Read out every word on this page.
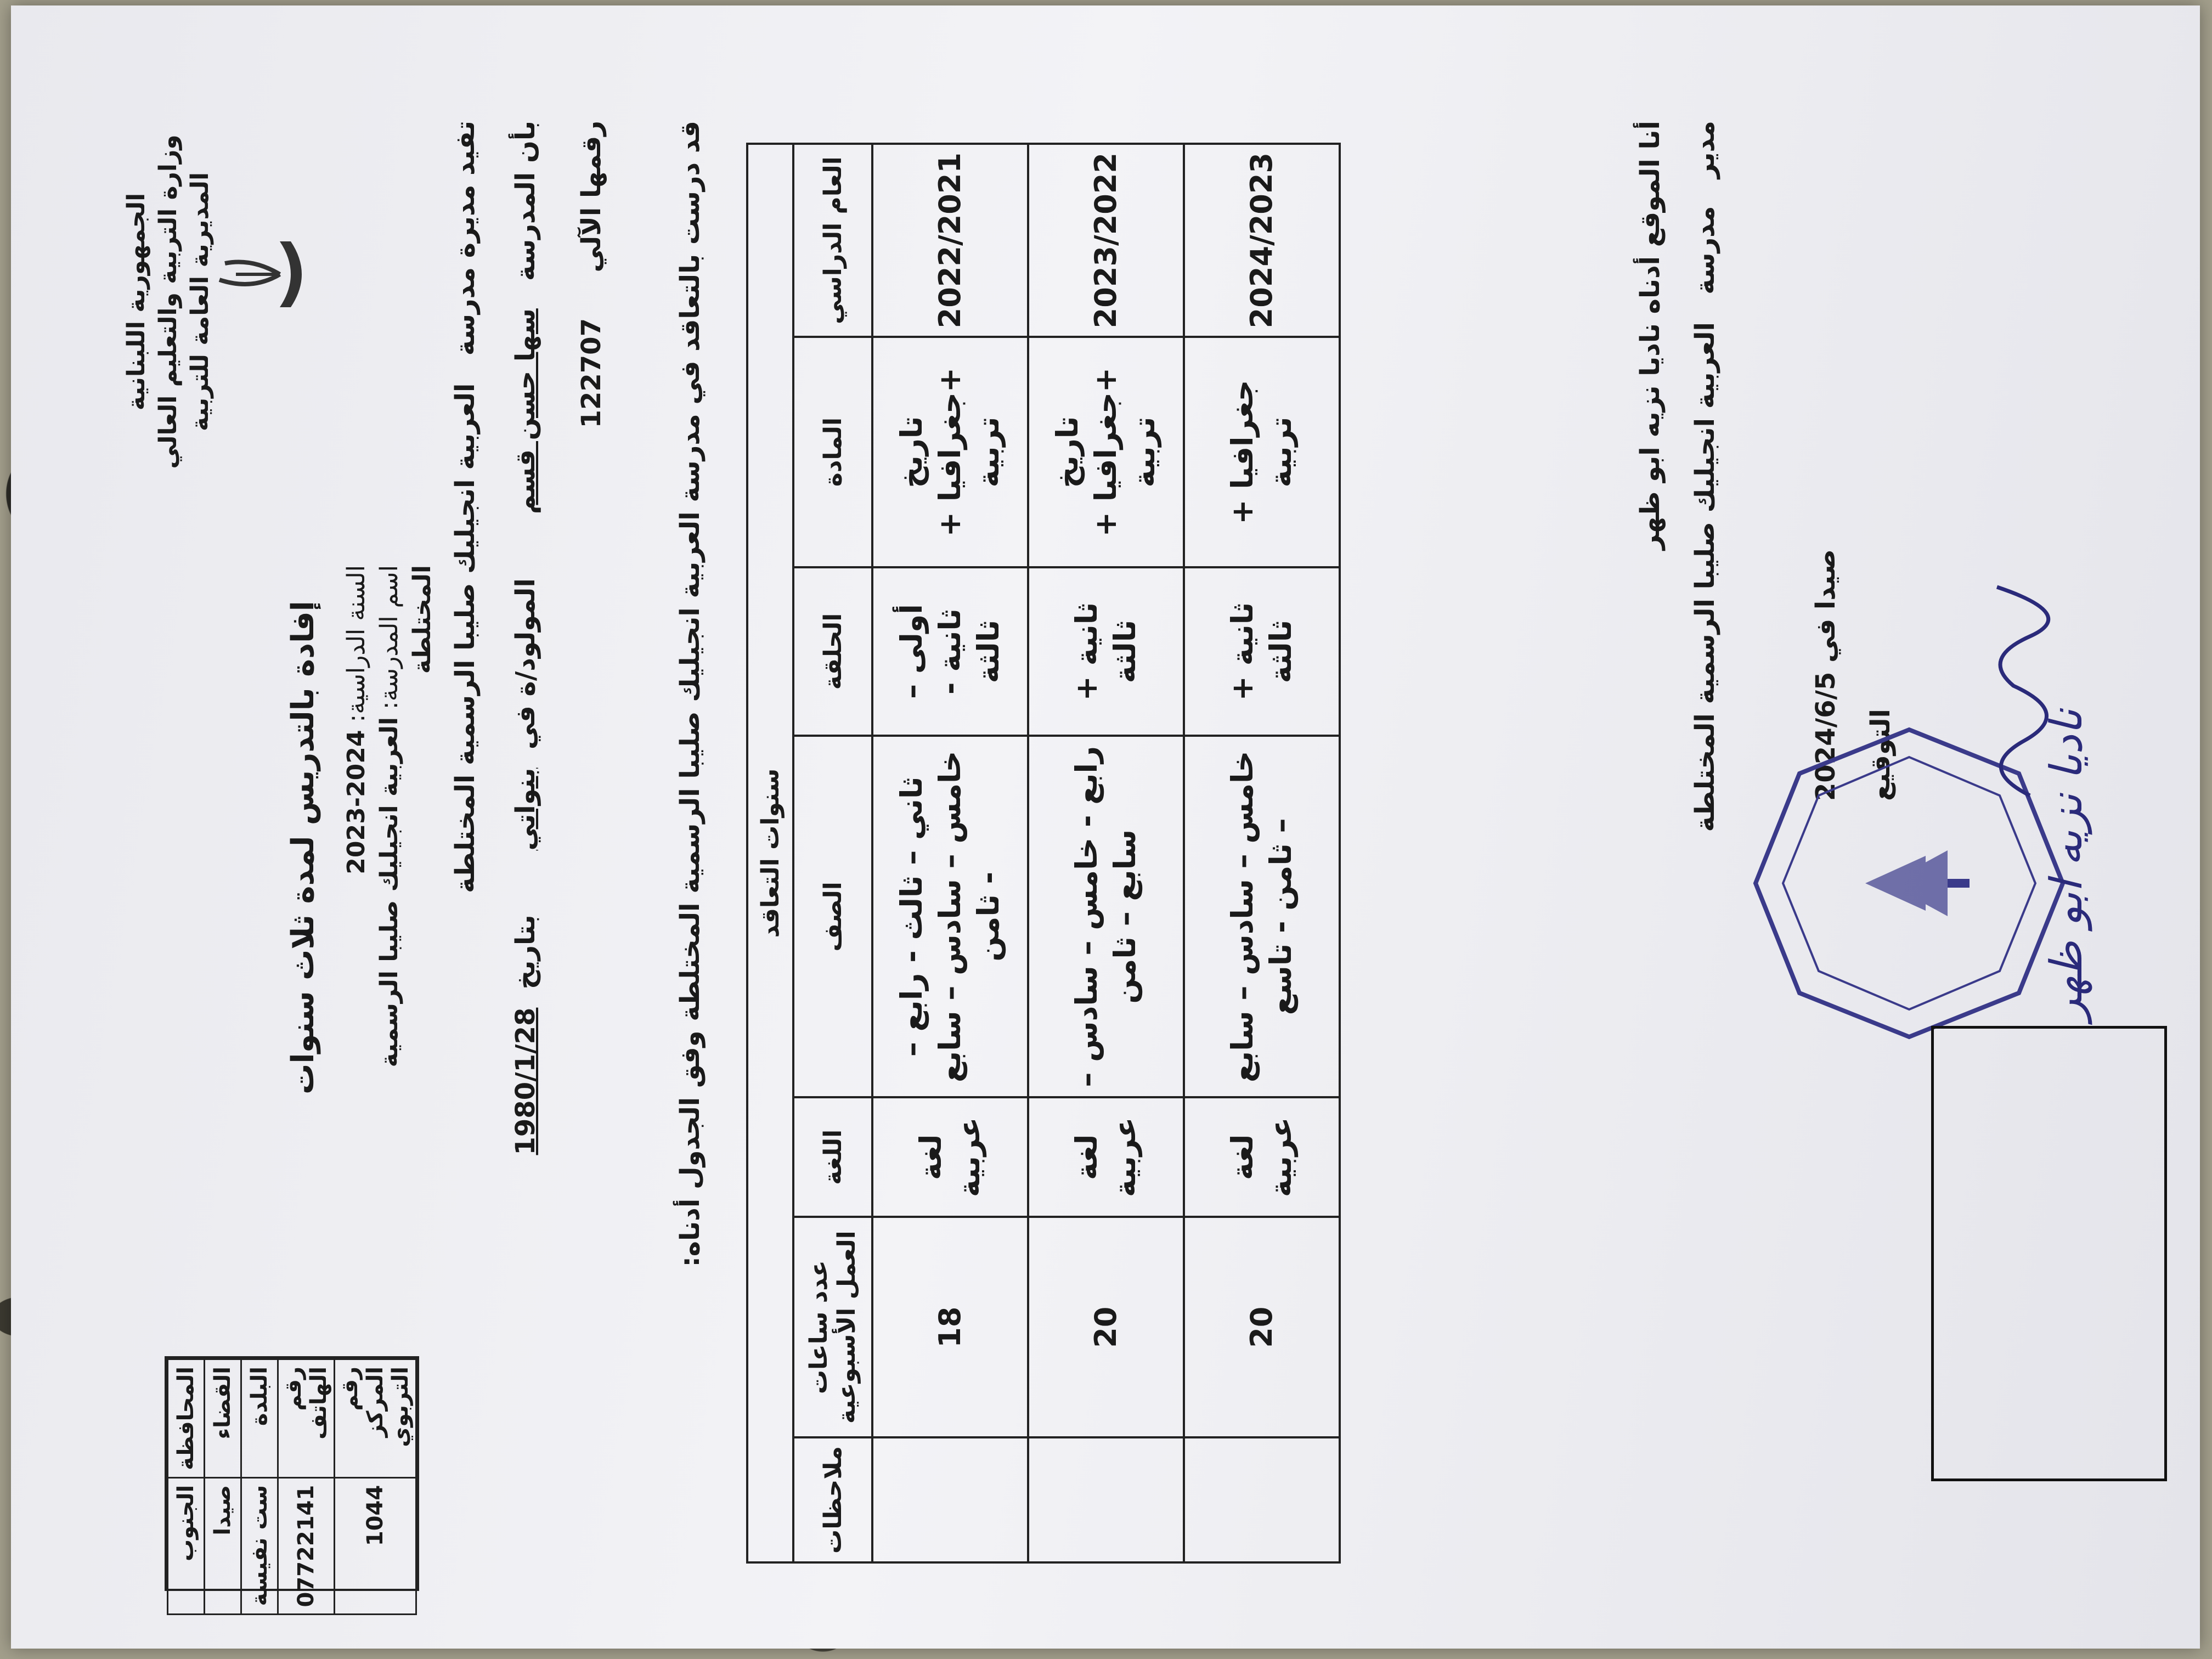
الجمهورية اللبنانية وزارة التربية والتعليم العالي المديرية العامة للتربية
المحافظة	الجنوب
القضاء	صيدا
البلدة	ست نفيسة
رقم الهاتف	07722141
رقم المركز التربوي	1044
إفادة بالتدريس لمدة ثلاث سنوات السنة الدراسية: 2024-2023
اسم المدرسة: العربية انجيليك صليبا الرسمية المختلطة
تفيد مديرة مدرسة   العربية انجيليك صليبا الرسمية المختلطة
بأن المدرسة   سها حسن قسم       المولود/ة في  بنواتي       بتاريخ  1980/1/28
رقمها الآلي     122707	قد درست بالتعاقد في مدرسة العربية انجيليك صليبا الرسمية المختلطة وفق الجدول أدناه: سنوات التعاقد						
العام الدراسي	المادة	الحلقة	الصف	اللغة	عدد ساعات العمل الأسبوعية	ملاحظات
2022/2021	تاريخ +جغرافيا + تربية	أولى – ثانية - ثالثة	ثاني – ثالث - رابع – خامس – سادس – سابع - ثامن	لغة عربية	18	
2023/2022	تاريخ +جغرافيا + تربية	ثانية + ثالثة	رابع - خامس – سادس – سابع – ثامن	لغة عربية	20	
2024/2023	جغرافيا + تربية	ثانية + ثالثة	خامس – سادس – سابع – ثامن - تاسع	لغة عربية	20	
أنا الموقع أدناه ناديا نزيه ابو ظهر مدير   مدرسة   العربية انجيليك صليبا الرسمية المختلطة	صيدا في 2024/6/5
التوقيع	ناديا نزيه ابو ظهر
